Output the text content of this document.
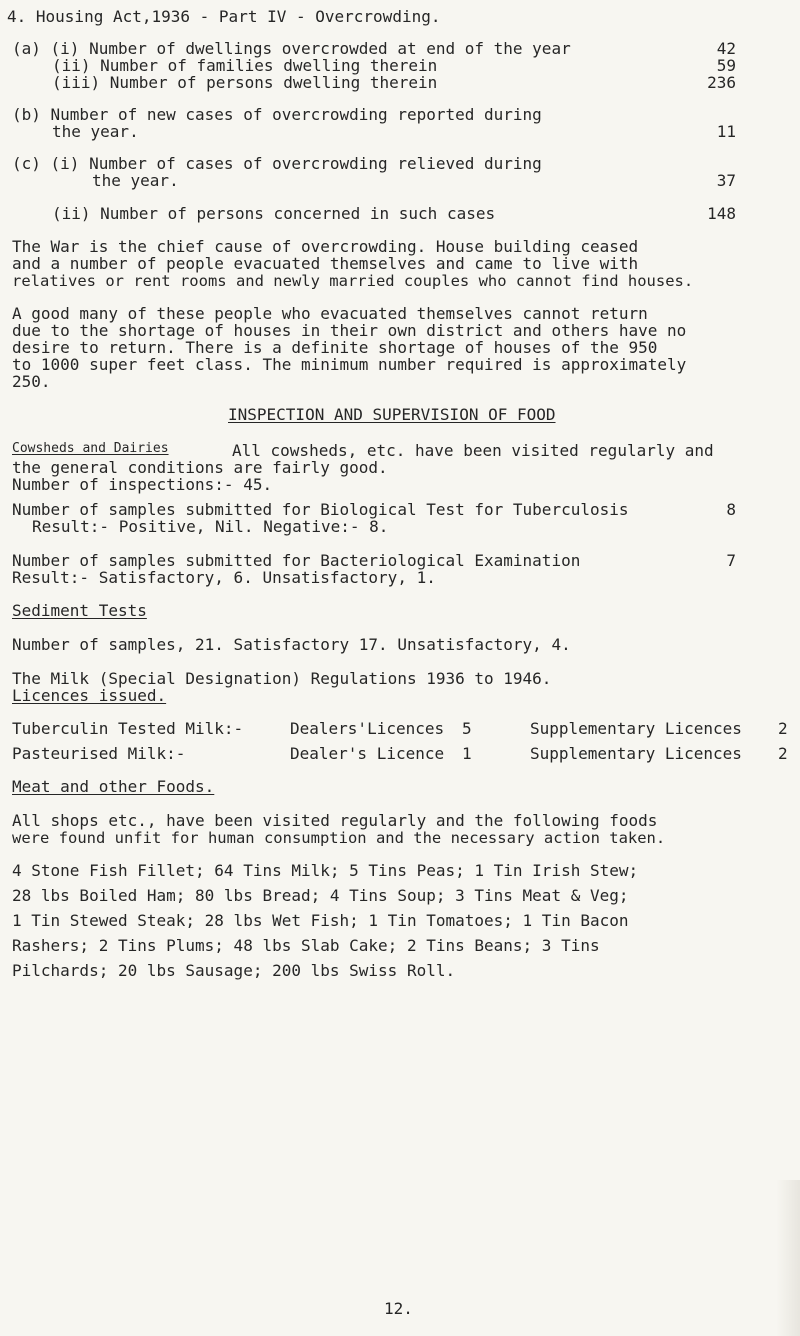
4. Housing Act,1936 - Part IV - Overcrowding.
(a) (i) Number of dwellings overcrowded at end of the year	42
(ii) Number of families dwelling therein	59
(iii) Number of persons dwelling therein	236
(b) Number of new cases of overcrowding reported during
the year.	11
(c) (i) Number of cases of overcrowding relieved during
the year.	37
(ii) Number of persons concerned in such cases	148
The War is the chief cause of overcrowding. House building ceased
and a number of people evacuated themselves and came to live with
relatives or rent rooms and newly married couples who cannot find houses.
A good many of these people who evacuated themselves cannot return
due to the shortage of houses in their own district and others have no
desire to return. There is a definite shortage of houses of the 950
to 1000 super feet class. The minimum number required is approximately
250.
INSPECTION AND SUPERVISION OF FOOD
Cowsheds and Dairies	All cowsheds, etc. have been visited regularly and
the general conditions are fairly good.
Number of inspections:- 45.
Number of samples submitted for Biological Test for Tuberculosis	8
Result:- Positive, Nil. Negative:- 8.
Number of samples submitted for Bacteriological Examination	7
Result:- Satisfactory, 6. Unsatisfactory, 1.
Sediment Tests
Number of samples, 21. Satisfactory 17. Unsatisfactory, 4.
The Milk (Special Designation) Regulations 1936 to 1946.
Licences issued.
Tuberculin Tested Milk:-	Dealers'Licences 5	Supplementary Licences 2
Pasteurised Milk:-	Dealer's Licence 1	Supplementary Licences 2
Meat and other Foods.
All shops etc., have been visited regularly and the following foods
were found unfit for human consumption and the necessary action taken.
4 Stone Fish Fillet; 64 Tins Milk; 5 Tins Peas; 1 Tin Irish Stew;
28 lbs Boiled Ham; 80 lbs Bread; 4 Tins Soup; 3 Tins Meat & Veg;
1 Tin Stewed Steak; 28 lbs Wet Fish; 1 Tin Tomatoes; 1 Tin Bacon
Rashers; 2 Tins Plums; 48 lbs Slab Cake; 2 Tins Beans; 3 Tins
Pilchards; 20 lbs Sausage; 200 lbs Swiss Roll.
12.
